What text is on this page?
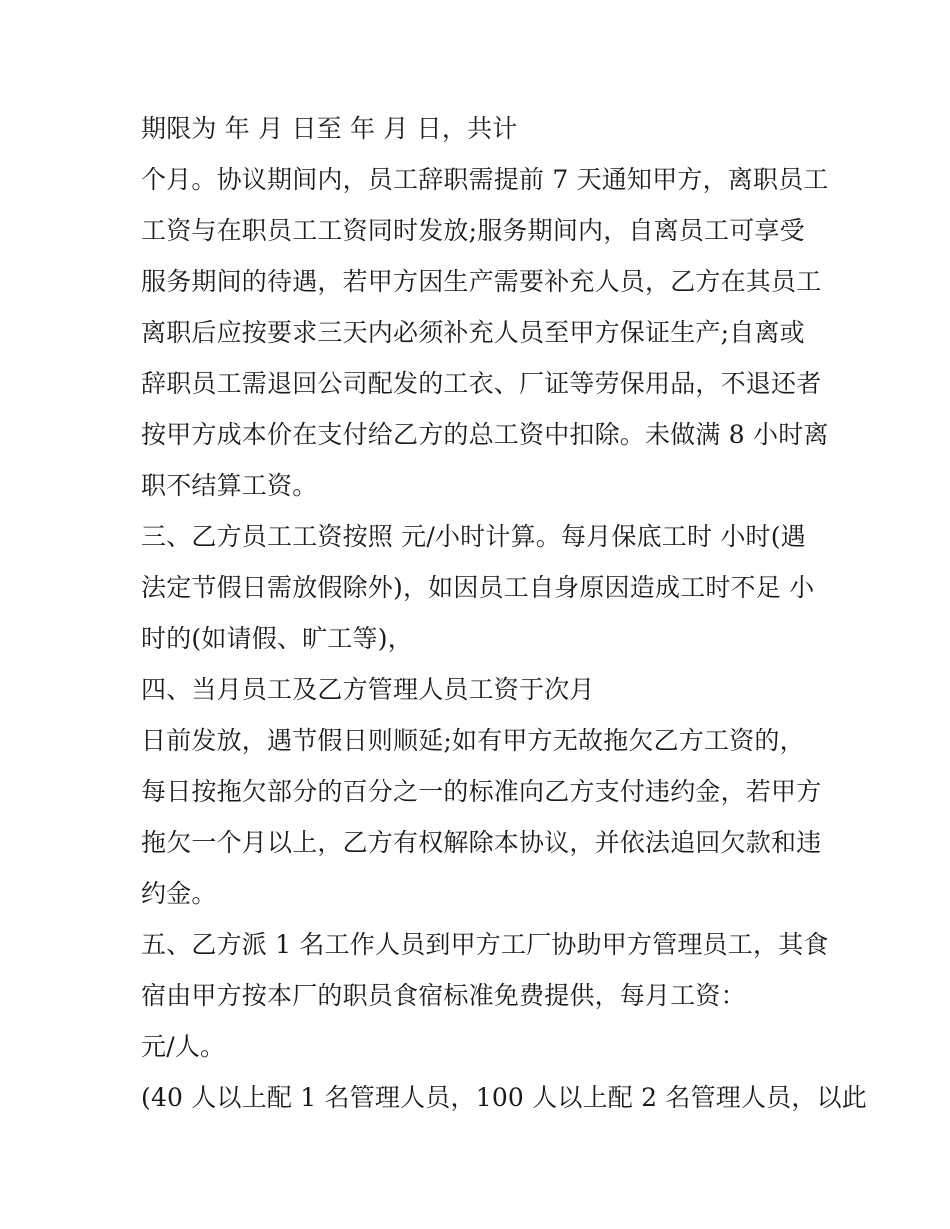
期限为 年 月 日至 年 月 日，共计
个月。协议期间内，员工辞职需提前 7 天通知甲方，离职员工
工资与在职员工工资同时发放;服务期间内，自离员工可享受
服务期间的待遇，若甲方因生产需要补充人员，乙方在其员工
离职后应按要求三天内必须补充人员至甲方保证生产;自离或
辞职员工需退回公司配发的工衣、厂证等劳保用品，不退还者
按甲方成本价在支付给乙方的总工资中扣除。未做满 8 小时离
职不结算工资。
三、乙方员工工资按照 元/小时计算。每月保底工时 小时(遇
法定节假日需放假除外)，如因员工自身原因造成工时不足 小
时的(如请假、旷工等)，
四、当月员工及乙方管理人员工资于次月
日前发放，遇节假日则顺延;如有甲方无故拖欠乙方工资的，
每日按拖欠部分的百分之一的标准向乙方支付违约金，若甲方
拖欠一个月以上，乙方有权解除本协议，并依法追回欠款和违
约金。
五、乙方派 1 名工作人员到甲方工厂协助甲方管理员工，其食
宿由甲方按本厂的职员食宿标准免费提供，每月工资：
元/人。
(40 人以上配 1 名管理人员，100 人以上配 2 名管理人员，以此
